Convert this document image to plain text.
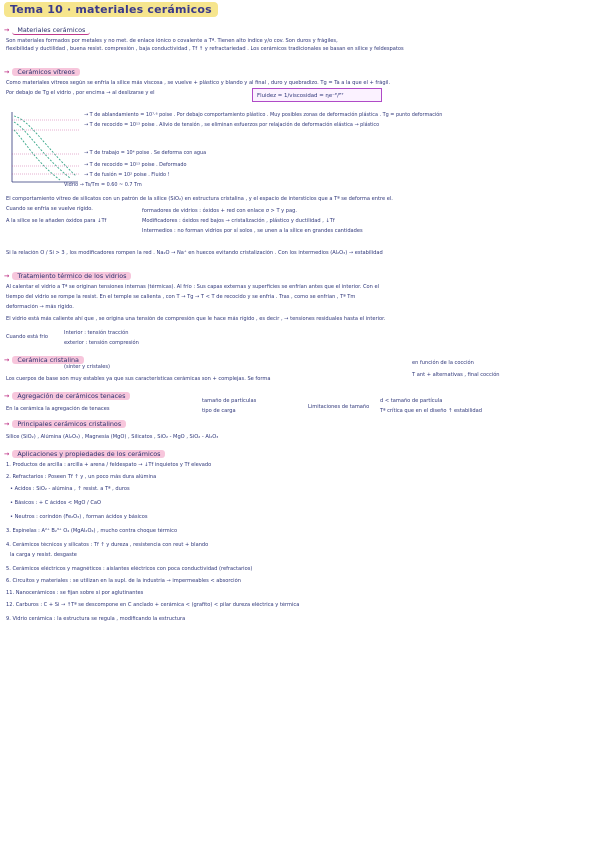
Tema 10 · materiales cerámicos
→ Materiales cerámicos
Son materiales formados por metales y no met. de enlace iónico o covalente a Tª. Tienen alto índice y/o cov. Son duros y frágiles,
flexibilidad y ductilidad , buena resist. compresión , baja conductividad , Tf ↑ y refractariedad . Los cerámicos tradicionales se basan en sílice y feldespatos
→ Cerámicos vítreos
Como materiales vítreos según se enfría la sílice más viscosa , se vuelve + plástico y blando y al final , duro y quebradizo. Tg = Ta a la que el + frágil.
Por debajo de Tg el vidrio , por encima → al deslizarse y el	Fluidez = 1/viscosidad = ηe⁻ᴱ/ᴿᵀ
→ T de ablandamiento = 10⁷·⁶ poise . Por debajo comportamiento plástico . Muy posibles zonas de deformación plástica . Tg = punto deformación
→ T de recocido = 10¹³ poise . Alivio de tensión , se eliminan esfuerzos por relajación de deformación elástica → plástico
→ T de trabajo = 10⁴ poise . Se deforma con agua
→ T de recocido = 10¹³ poise . Deformado
→ T de fusión = 10² poise . Fluido !
Vidrio → Ts/Tm = 0.60 ~ 0.7 Tm
El comportamiento vítreo de silicatos con un patrón de la sílice (SiO₂) en estructura cristalina , y el espacio de intersticios que a Tª se deforma entre el.
Cuando se enfría se vuelve rígido.
A la sílice se le añaden óxidos para ↓Tf
formadores de vidrios : óxidos + red con enlace σ > T y pag.
Modificadores : óxidos red bajos → cristalización , plástico y ductilidad , ↓Tf
Intermedios : no forman vidrios por sí solos , se unen a la sílice en grandes cantidades
Si la relación O / Si > 3 , los modificadores rompen la red . Na₂O → Na⁺ en huecos evitando cristalización . Con los intermedios (Al₂O₃) → estabilidad
→ Tratamiento térmico de los vidrios
Al calentar el vidrio a Tª se originan tensiones internas (térmicas). Al frío : Sus capas externas y superficies se enfrían antes que el interior. Con el
tiempo del vidrio se rompe la resist. En el temple se calienta , con T → Tg → T < T de recocido y se enfría . Tras , como se enfrían , Tª Tm
deformación → más rígido.
El vidrio está más caliente ahí que , se origina una tensión de compresión que le hace más rígido , es decir , → tensiones residuales hasta el interior.
Cuando está frío
Interior : tensión tracción
exterior : tensión compresión
→ Cerámica cristalina
(sinter y cristales)
Los cuerpos de base son muy estables ya que sus características cerámicas son + complejas. Se forma
en función de la cocción
T ant + alternativas , final cocción
→ Agregación de cerámicos tenaces
En la cerámica la agregación de tenaces
tamaño de partículas
tipo de carga
Limitaciones de tamaño
d < tamaño de partícula
Tª crítica que en el diseño ↑ estabilidad
→ Principales cerámicos cristalinos
Sílice (SiO₂) , Alúmina (Al₂O₃) , Magnesia (MgO) , Silicatos , SiO₂ - MgO , SiO₂ - Al₂O₃
→ Aplicaciones y propiedades de los cerámicos
1. Productos de arcilla : arcilla + arena / feldespato → ↓Tf inquietos y Tf elevado
2. Refractarios : Poseen Tf ↑ y , un poco más dura alúmina
• Ácidos : SiO₂ - alúmina , ↑ resist. a Tª , duros
• Básicos : + C ácidos < MgO / CaO
• Neutros : corindón (Fe₂O₃) , forman ácidos y básicos
3. Espinelas : A²⁺ B₂³⁺ O₄ (MgAl₂O₄) , mucho contra choque térmico
4. Cerámicos técnicos y silicatos : Tf ↑ y dureza , resistencia con reut + blando
la carga y resist. desgaste
5. Cerámicos eléctricos y magnéticos : aislantes eléctricos con poca conductividad (refractarios)
6. Circuitos y materiales : se utilizan en la supl. de la industria → impermeables < absorción
11. Nanocerámicos : se fijan sobre sí por aglutinantes
12. Carburos : C + Si → ↑Tª se descompone en C anclado + cerámica < (grafito) < pilar dureza eléctrica y térmica
9. Vidrio cerámica : la estructura se regula , modificando la estructura
